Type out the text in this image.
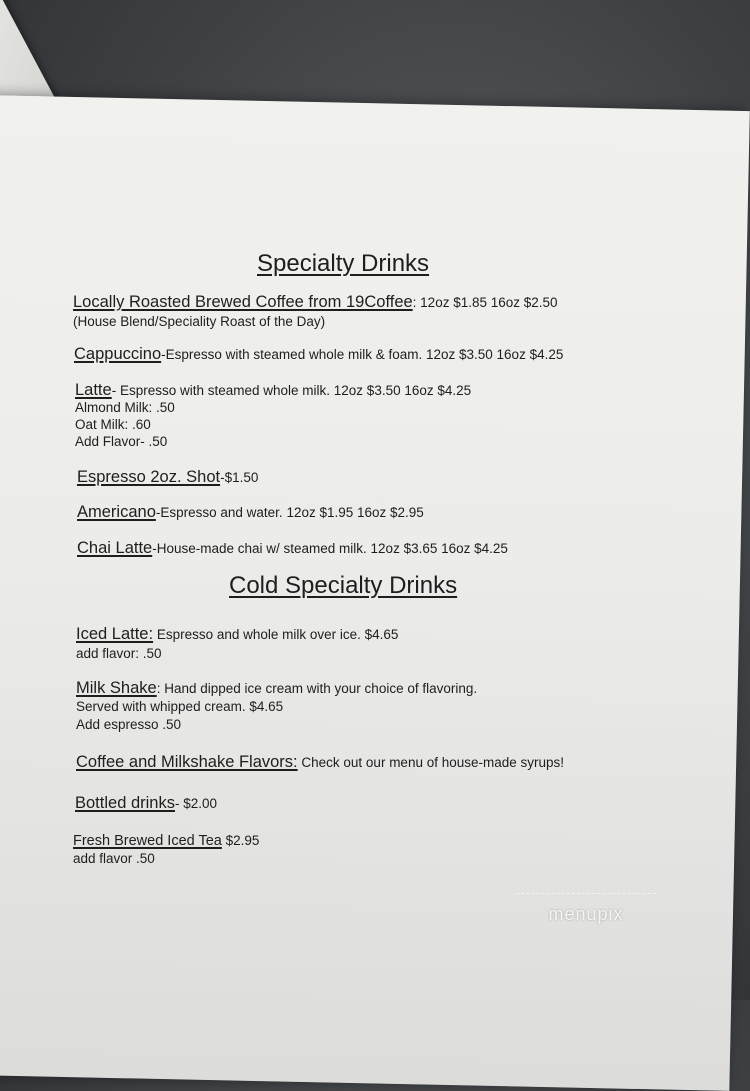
Specialty Drinks
Locally Roasted Brewed Coffee from 19Coffee: 12oz $1.85 16oz $2.50
(House Blend/Speciality Roast of the Day)
Cappuccino-Espresso with steamed whole milk & foam. 12oz $3.50 16oz $4.25
Latte- Espresso with steamed whole milk. 12oz $3.50 16oz $4.25
Almond Milk: .50
Oat Milk: .60
Add Flavor- .50
Espresso 2oz. Shot-$1.50
Americano-Espresso and water. 12oz $1.95 16oz $2.95
Chai Latte-House-made chai w/ steamed milk. 12oz $3.65 16oz $4.25
Cold Specialty Drinks
Iced Latte: Espresso and whole milk over ice. $4.65
add flavor: .50
Milk Shake: Hand dipped ice cream with your choice of flavoring.
Served with whipped cream. $4.65
Add espresso .50
Coffee and Milkshake Flavors: Check out our menu of house-made syrups!
Bottled drinks- $2.00
Fresh Brewed Iced Tea $2.95
add flavor .50
menupix
